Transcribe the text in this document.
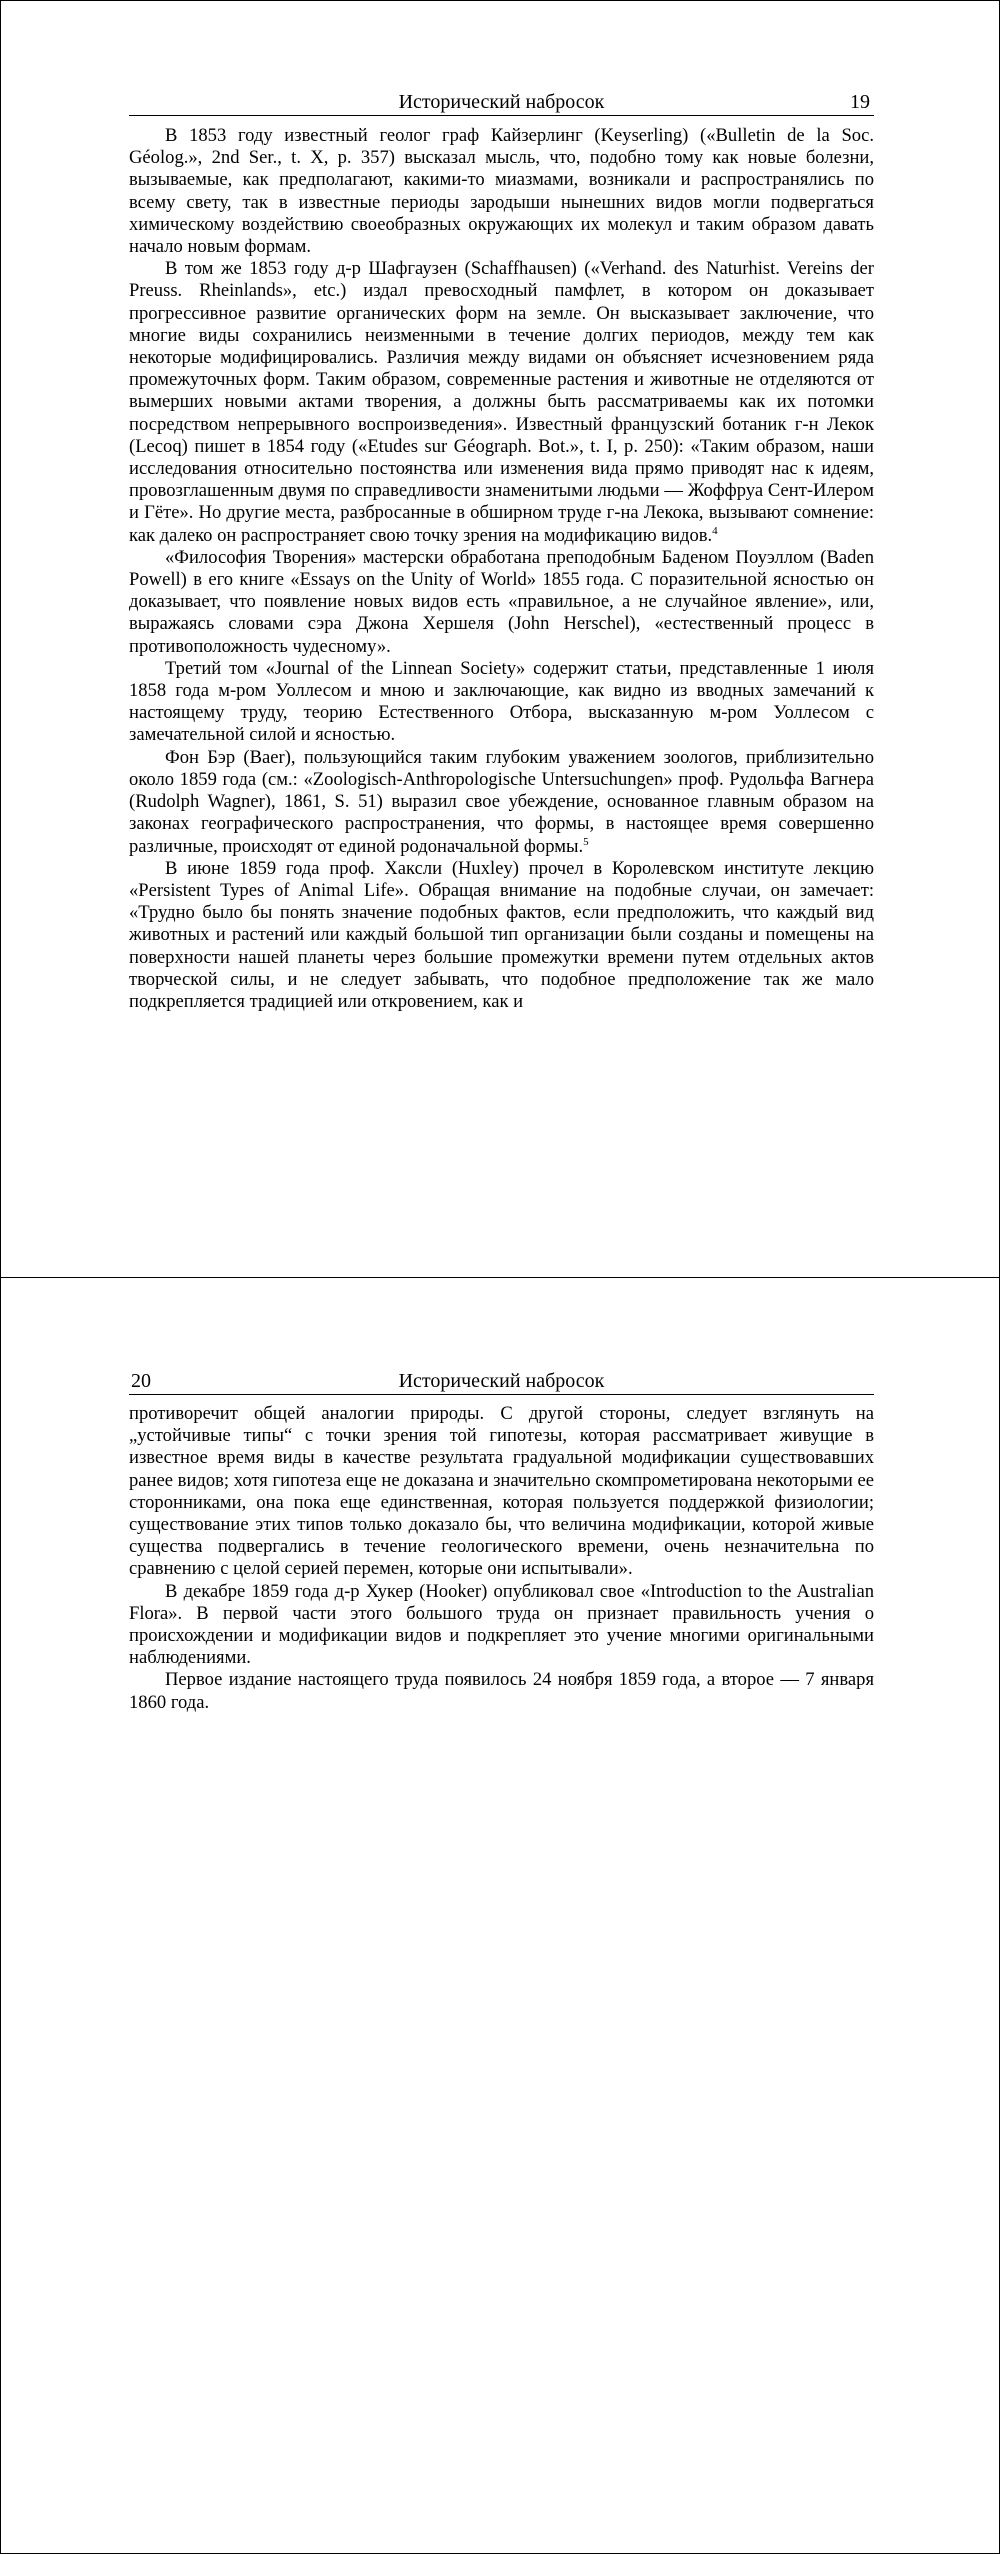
Исторический набросок	19

В 1853 году известный геолог граф Кайзерлинг (Keyserling) («Bulletin de la Soc. Géolog.», 2nd Ser., t. X, p. 357) высказал мысль, что, подобно тому как новые болезни, вызываемые, как предполагают, какими-то миазмами, возникали и распространялись по всему свету, так в известные периоды зародыши нынешних видов могли подвергаться химическому воздействию своеобразных окружающих их молекул и таким образом давать начало новым формам.

В том же 1853 году д-р Шафгаузен (Schaffhausen) («Verhand. des Naturhist. Vereins der Preuss. Rheinlands», etc.) издал превосходный памфлет, в котором он доказывает прогрессивное развитие органических форм на земле. Он высказывает заключение, что многие виды сохранились неизменными в течение долгих периодов, между тем как некоторые модифицировались. Различия между видами он объясняет исчезновением ряда промежуточных форм. Таким образом, современные растения и животные не отделяются от вымерших новыми актами творения, а должны быть рассматриваемы как их потомки посредством непрерывного воспроизведения». Известный французский ботаник г-н Лекок (Lecoq) пишет в 1854 году («Etudes sur Géograph. Bot.», t. I, p. 250): «Таким образом, наши исследования относительно постоянства или изменения вида прямо приводят нас к идеям, провозглашенным двумя по справедливости знаменитыми людьми — Жоффруа Сент-Илером и Гёте». Но другие места, разбросанные в обширном труде г-на Лекока, вызывают сомнение: как далеко он распространяет свою точку зрения на модификацию видов.$^4$

«Философия Творения» мастерски обработана преподобным Баденом Поуэллом (Baden Powell) в его книге «Essays on the Unity of World» 1855 года. С поразительной ясностью он доказывает, что появление новых видов есть «правильное, а не случайное явление», или, выражаясь словами сэра Джона Хершеля (John Herschel), «естественный процесс в противоположность чудесному».

Третий том «Journal of the Linnean Society» содержит статьи, представленные 1 июля 1858 года м-ром Уоллесом и мною и заключающие, как видно из вводных замечаний к настоящему труду, теорию Естественного Отбора, высказанную м-ром Уоллесом с замечательной силой и ясностью.

Фон Бэр (Baer), пользующийся таким глубоким уважением зоологов, приблизительно около 1859 года (см.: «Zoologisch-Anthropologische Untersuchungen» проф. Рудольфа Вагнера (Rudolph Wagner), 1861, S. 51) выразил свое убеждение, основанное главным образом на законах географического распространения, что формы, в настоящее время совершенно различные, происходят от единой родоначальной формы.$^5$

В июне 1859 года проф. Хаксли (Huxley) прочел в Королевском институте лекцию «Persistent Types of Animal Life». Обращая внимание на подобные случаи, он замечает: «Трудно было бы понять значение подобных фактов, если предположить, что каждый вид животных и растений или каждый большой тип организации были созданы и помещены на поверхности нашей планеты через большие промежутки времени путем отдельных актов творческой силы, и не следует забывать, что подобное предположение так же мало подкрепляется традицией или откровением, как и

20	Исторический набросок

противоречит общей аналогии природы. С другой стороны, следует взглянуть на „устойчивые типы“ с точки зрения той гипотезы, которая рассматривает живущие в известное время виды в качестве результата градуальной модификации существовавших ранее видов; хотя гипотеза еще не доказана и значительно скомпрометирована некоторыми ее сторонниками, она пока еще единственная, которая пользуется поддержкой физиологии; существование этих типов только доказало бы, что величина модификации, которой живые существа подвергались в течение геологического времени, очень незначительна по сравнению с целой серией перемен, которые они испытывали».

В декабре 1859 года д-р Хукер (Hooker) опубликовал свое «Introduction to the Australian Flora». В первой части этого большого труда он признает правильность учения о происхождении и модификации видов и подкрепляет это учение многими оригинальными наблюдениями.

Первое издание настоящего труда появилось 24 ноября 1859 года, а второе — 7 января 1860 года.
